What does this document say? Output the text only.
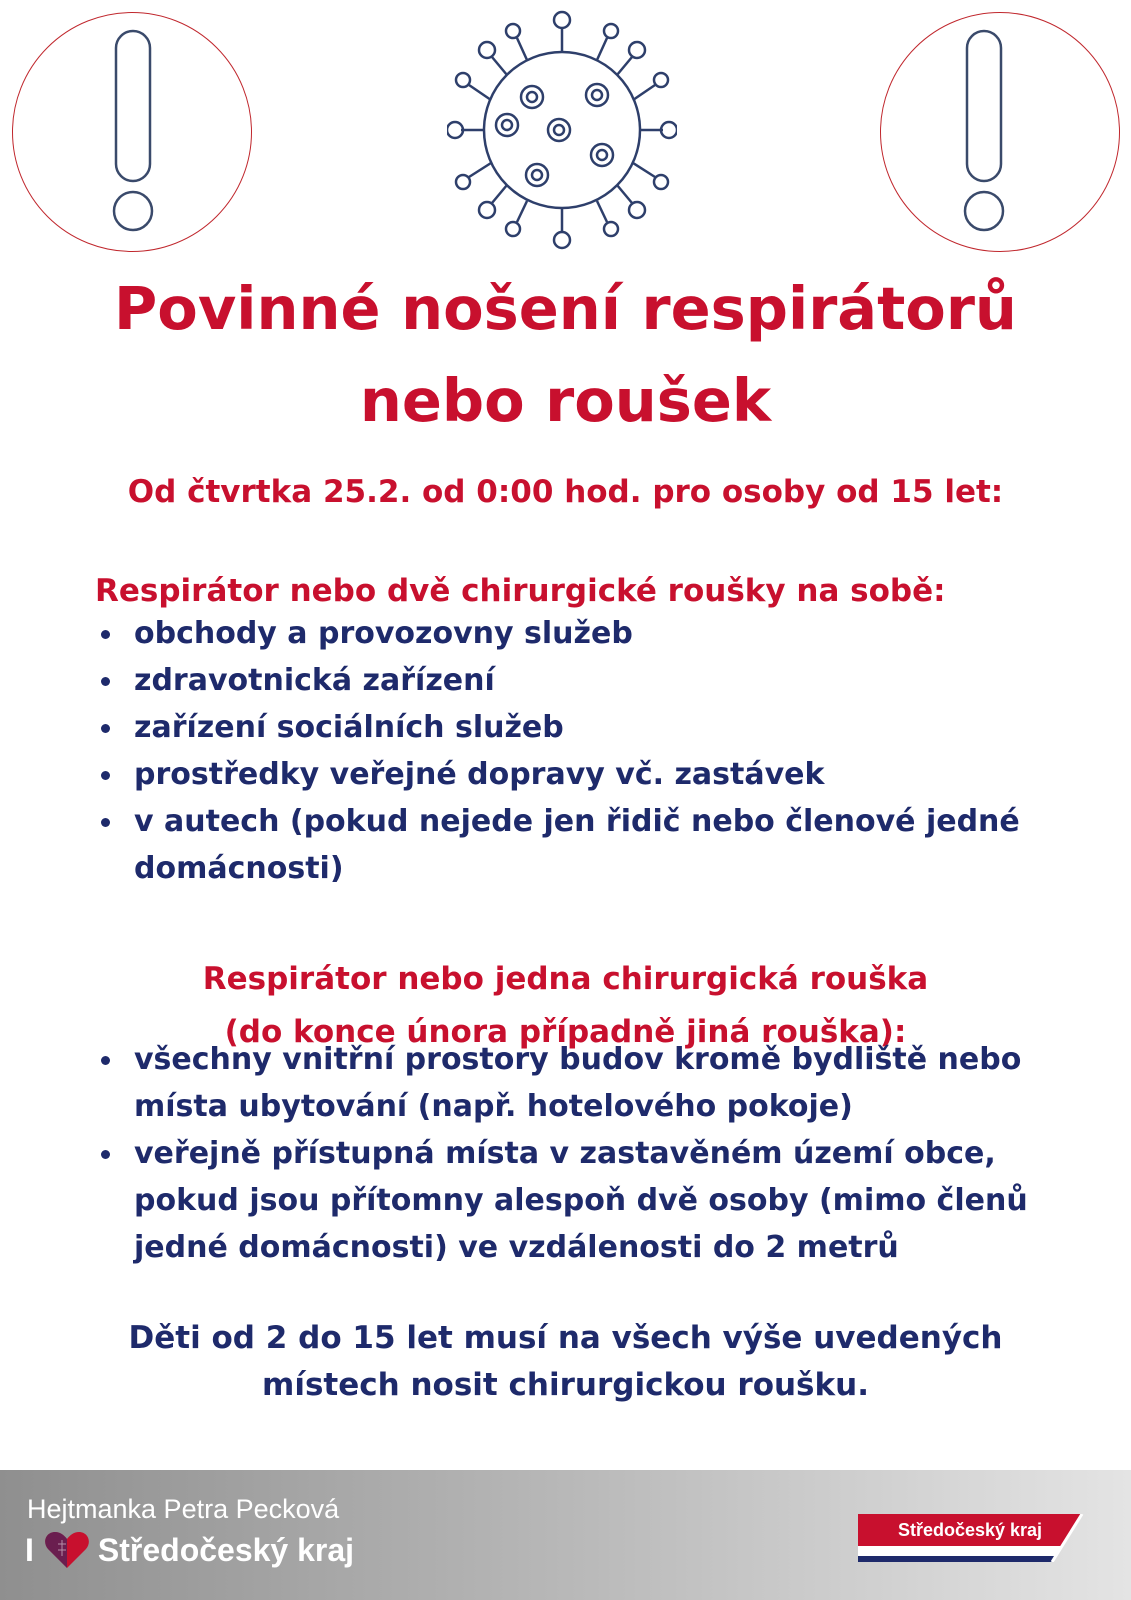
Povinné nošení respirátorů
nebo roušek

Od čtvrtka 25.2. od 0:00 hod. pro osoby od 15 let:

Respirátor nebo dvě chirurgické roušky na sobě:

obchody a provozovny služeb
zdravotnická zařízení
zařízení sociálních služeb
prostředky veřejné dopravy vč. zastávek
v autech (pokud nejede jen řidič nebo členové jedné domácnosti)

Respirátor nebo jedna chirurgická rouška
(do konce února případně jiná rouška):

všechny vnitřní prostory budov kromě bydliště nebo místa ubytování (např. hotelového pokoje)
veřejně přístupná místa v zastavěném území obce, pokud jsou přítomny alespoň dvě osoby (mimo členů jedné domácnosti) ve vzdálenosti do 2 metrů

Děti od 2 do 15 let musí na všech výše uvedených
místech nosit chirurgickou roušku.

Hejtmanka Petra Pecková
I Středočeský kraj
Středočeský kraj
